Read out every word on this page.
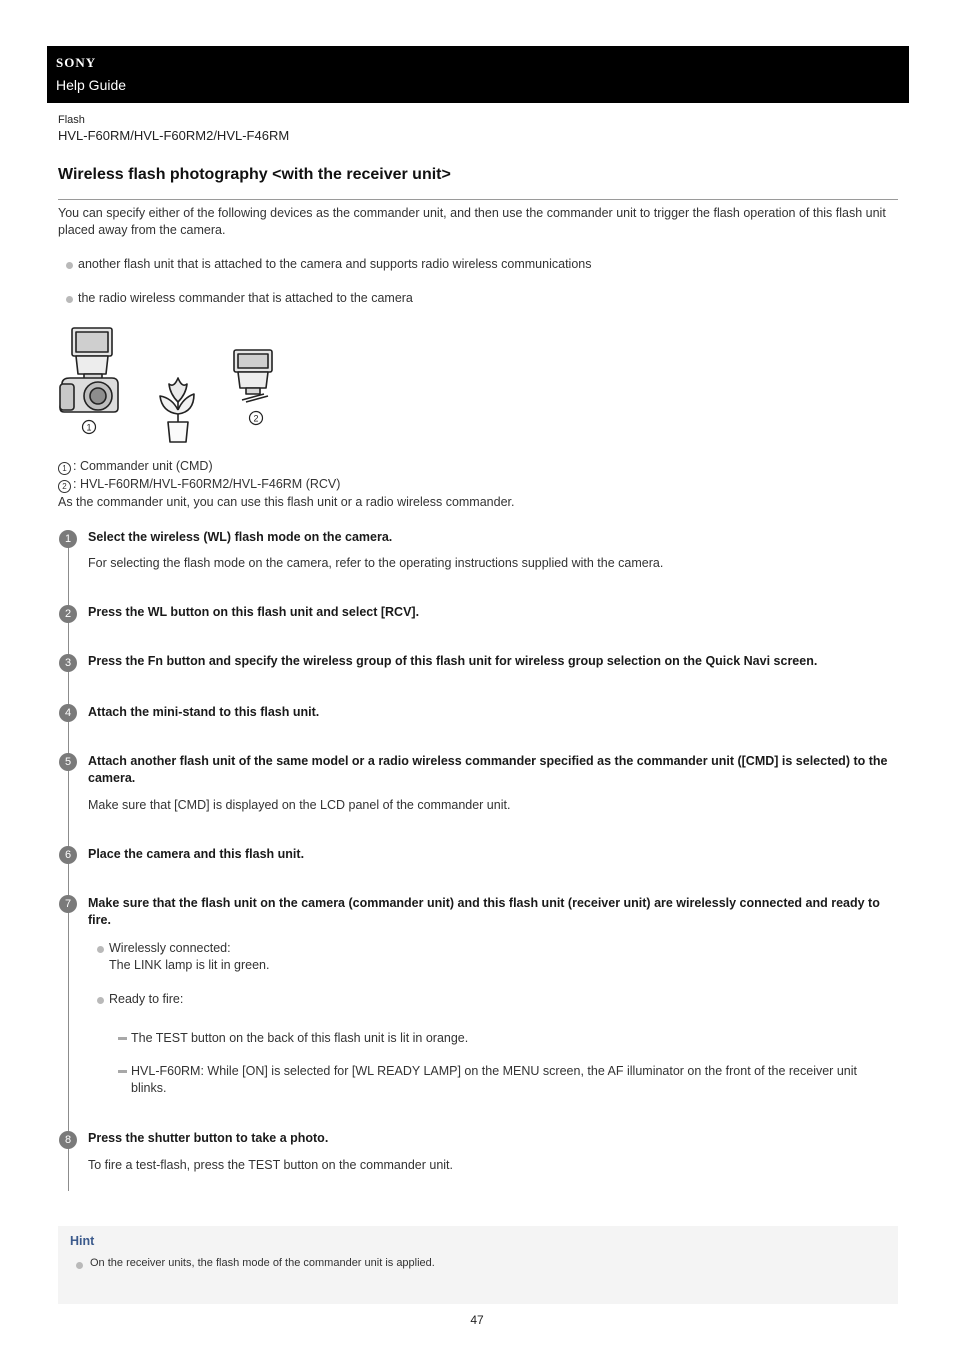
SONY
Help Guide
Flash
HVL-F60RM/HVL-F60RM2/HVL-F46RM
Wireless flash photography <with the receiver unit>
You can specify either of the following devices as the commander unit, and then use the commander unit to trigger the flash operation of this flash unit placed away from the camera.
another flash unit that is attached to the camera and supports radio wireless communications
the radio wireless commander that is attached to the camera
1
2
1 : Commander unit (CMD)
2 : HVL-F60RM/HVL-F60RM2/HVL-F46RM (RCV)
As the commander unit, you can use this flash unit or a radio wireless commander.
1	Select the wireless (WL) flash mode on the camera.
For selecting the flash mode on the camera, refer to the operating instructions supplied with the camera.
2	Press the WL button on this flash unit and select [RCV].
3	Press the Fn button and specify the wireless group of this flash unit for wireless group selection on the Quick Navi screen.
4	Attach the mini-stand to this flash unit.
5	Attach another flash unit of the same model or a radio wireless commander specified as the commander unit ([CMD] is selected) to the camera.
Make sure that [CMD] is displayed on the LCD panel of the commander unit.
6	Place the camera and this flash unit.
7	Make sure that the flash unit on the camera (commander unit) and this flash unit (receiver unit) are wirelessly connected and ready to fire.
Wirelessly connected:
The LINK lamp is lit in green.
Ready to fire:
The TEST button on the back of this flash unit is lit in orange.
HVL-F60RM: While [ON] is selected for [WL READY LAMP] on the MENU screen, the AF illuminator on the front of the receiver unit blinks.
8	Press the shutter button to take a photo.
To fire a test-flash, press the TEST button on the commander unit.
Hint
On the receiver units, the flash mode of the commander unit is applied.
47
